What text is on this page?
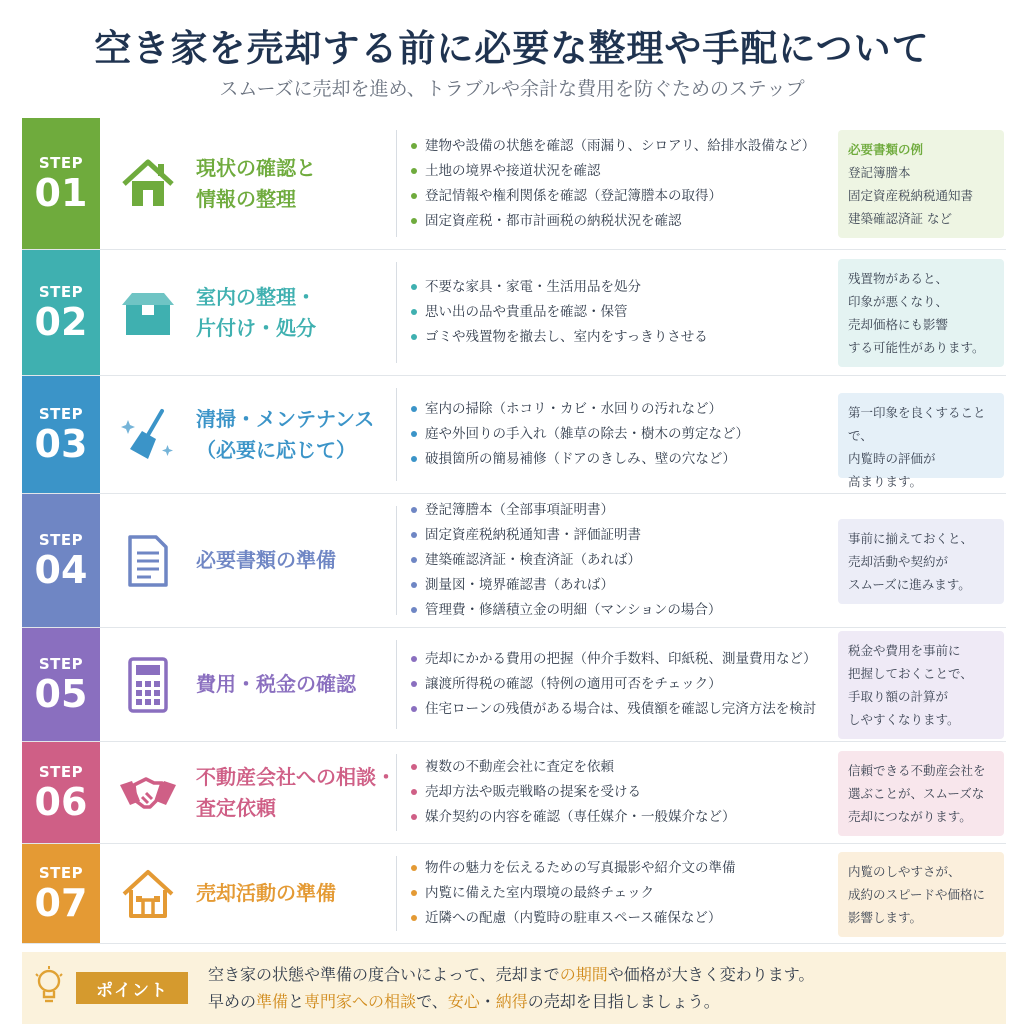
空き家を売却する前に必要な整理や手配について
スムーズに売却を進め、トラブルや余計な費用を防ぐためのステップ
STEP
01
現状の確認と
情報の整理
建物や設備の状態を確認（雨漏り、シロアリ、給排水設備など）
土地の境界や接道状況を確認
登記情報や権利関係を確認（登記簿謄本の取得）
固定資産税・都市計画税の納税状況を確認
必要書類の例
登記簿謄本
固定資産税納税通知書
建築確認済証 など
STEP
02
室内の整理・
片付け・処分
不要な家具・家電・生活用品を処分
思い出の品や貴重品を確認・保管
ゴミや残置物を撤去し、室内をすっきりさせる
残置物があると、
印象が悪くなり、
売却価格にも影響
する可能性があります。
STEP
03
清掃・メンテナンス
（必要に応じて）
室内の掃除（ホコリ・カビ・水回りの汚れなど）
庭や外回りの手入れ（雑草の除去・樹木の剪定など）
破損箇所の簡易補修（ドアのきしみ、壁の穴など）
第一印象を良くすることで、
内覧時の評価が
高まります。
STEP
04	必要書類の準備
登記簿謄本（全部事項証明書）
固定資産税納税通知書・評価証明書
建築確認済証・検査済証（あれば）
測量図・境界確認書（あれば）
管理費・修繕積立金の明細（マンションの場合）
事前に揃えておくと、
売却活動や契約が
スムーズに進みます。
STEP
05	費用・税金の確認
売却にかかる費用の把握（仲介手数料、印紙税、測量費用など）
譲渡所得税の確認（特例の適用可否をチェック）
住宅ローンの残債がある場合は、残債額を確認し完済方法を検討
税金や費用を事前に
把握しておくことで、
手取り額の計算が
しやすくなります。
STEP
06
不動産会社への相談・
査定依頼
複数の不動産会社に査定を依頼
売却方法や販売戦略の提案を受ける
媒介契約の内容を確認（専任媒介・一般媒介など）
信頼できる不動産会社を
選ぶことが、スムーズな
売却につながります。
STEP
07	売却活動の準備
物件の魅力を伝えるための写真撮影や紹介文の準備
内覧に備えた室内環境の最終チェック
近隣への配慮（内覧時の駐車スペース確保など）
内覧のしやすさが、
成約のスピードや価格に
影響します。
ポイント
空き家の状態や準備の度合いによって、売却までの期間や価格が大きく変わります。
早めの準備と専門家への相談で、安心・納得の売却を目指しましょう。
